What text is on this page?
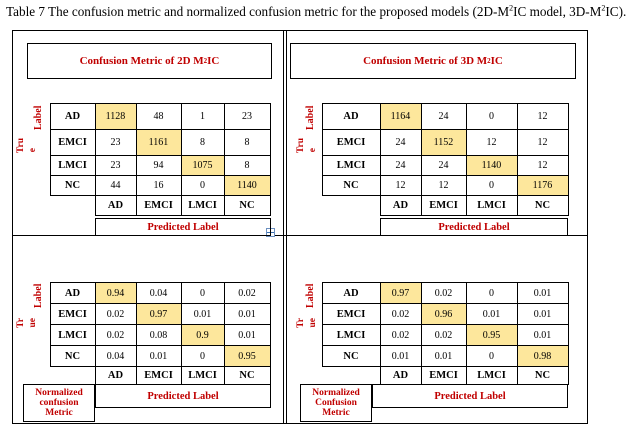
Table 7 The confusion metric and normalized confusion metric for the proposed models ($2D-M^2IC$ model, $3D-M^2IC$).
Confusion Metric of 2D M 2 IC
Tru e
Label
	AD	1128	48	1	23
	EMCI	23	1161	8	8
	LMCI	23	94	1075	8
	NC	44	16	0	1140
		AD	EMCI	LMCI	NC
Predicted Label
Confusion Metric of 3D M 2 IC
Tru e
Label
		AD	1164	24	0	12
	EMCI	24	1152	12	12
	LMCI	24	24	1140	12
	NC	12	12	0	1176
		AD	EMCI	LMCI	NC
Predicted Label
Tr ue
Label
	AD	0.94	0.04	0	0.02
	EMCI	0.02	0.97	0.01	0.01
	LMCI	0.02	0.08	0.9	0.01
	NC	0.04	0.01	0	0.95
		AD	EMCI	LMCI	NC
Normalized
confusion
Metric
Predicted Label
Tr ue
Label
		AD	0.97	0.02	0	0.01
	EMCI	0.02	0.96	0.01	0.01
	LMCI	0.02	0.02	0.95	0.01
	NC	0.01	0.01	0	0.98
		AD	EMCI	LMCI	NC
Normalized
Confusion
Metric
Predicted Label
